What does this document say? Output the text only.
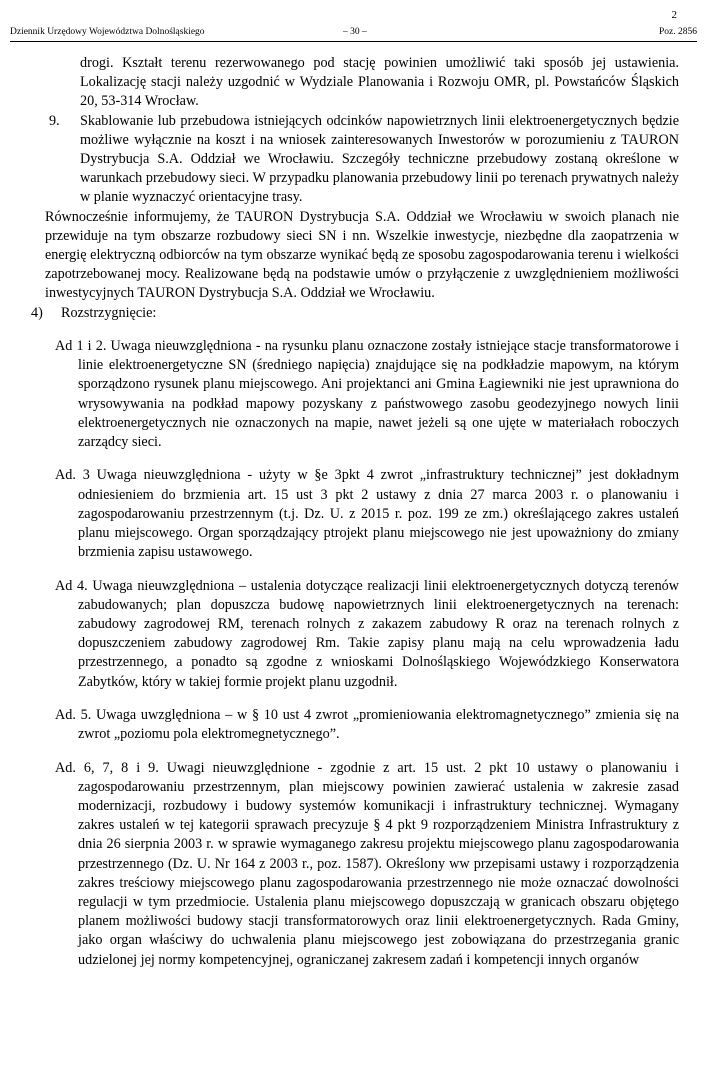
2
Dziennik Urzędowy Województwa Dolnośląskiego	– 30 –	Poz. 2856

drogi. Kształt terenu rezerwowanego pod stację powinien umożliwić taki sposób jej ustawienia. Lokalizację stacji należy uzgodnić w Wydziale Planowania i Rozwoju OMR, pl. Powstańców Śląskich 20, 53-314 Wrocław.

9. Skablowanie lub przebudowa istniejących odcinków napowietrznych linii elektroenergetycznych będzie możliwe wyłącznie na koszt i na wniosek zainteresowanych Inwestorów w porozumieniu z TAURON Dystrybucja S.A. Oddział we Wrocławiu. Szczegóły techniczne przebudowy zostaną określone w warunkach przebudowy sieci. W przypadku planowania przebudowy linii po terenach prywatnych należy w planie wyznaczyć orientacyjne trasy.

Równocześnie informujemy, że TAURON Dystrybucja S.A. Oddział we Wrocławiu w swoich planach nie przewiduje na tym obszarze rozbudowy sieci SN i nn. Wszelkie inwestycje, niezbędne dla zaopatrzenia w energię elektryczną odbiorców na tym obszarze wynikać będą ze sposobu zagospodarowania terenu i wielkości zapotrzebowanej mocy. Realizowane będą na podstawie umów o przyłączenie z uwzględnieniem możliwości inwestycyjnych TAURON Dystrybucja S.A. Oddział we Wrocławiu.

4) Rozstrzygnięcie:

Ad 1 i 2. Uwaga nieuwzględniona - na rysunku planu oznaczone zostały istniejące stacje transformatorowe i linie elektroenergetyczne SN (średniego napięcia) znajdujące się na podkładzie mapowym, na którym sporządzono rysunek planu miejscowego. Ani projektanci ani Gmina Łagiewniki nie jest uprawniona do wrysowywania na podkład mapowy pozyskany z państwowego zasobu geodezyjnego nowych linii elektroenergetycznych nie oznaczonych na mapie, nawet jeżeli są one ujęte w materiałach roboczych zarządcy sieci.

Ad. 3 Uwaga nieuwzględniona - użyty w §e 3pkt 4 zwrot „infrastruktury technicznej” jest dokładnym odniesieniem do brzmienia art. 15 ust 3 pkt 2 ustawy z dnia 27 marca 2003 r. o planowaniu i zagospodarowaniu przestrzennym (t.j. Dz. U. z 2015 r. poz. 199 ze zm.) określającego zakres ustaleń planu miejscowego. Organ sporządzający ptrojekt planu miejscowego nie jest upoważniony do zmiany brzmienia zapisu ustawowego.

Ad 4. Uwaga nieuwzględniona – ustalenia dotyczące realizacji linii elektroenergetycznych dotyczą terenów zabudowanych; plan dopuszcza budowę napowietrznych linii elektroenergetycznych na terenach: zabudowy zagrodowej RM, terenach rolnych z zakazem zabudowy R oraz na terenach rolnych z dopuszczeniem zabudowy zagrodowej Rm. Takie zapisy planu mają na celu wprowadzenia ładu przestrzennego, a ponadto są zgodne z wnioskami Dolnośląskiego Wojewódzkiego Konserwatora Zabytków, który w takiej formie projekt planu uzgodnił.

Ad. 5. Uwaga uwzględniona – w § 10 ust 4 zwrot „promieniowania elektromagnetycznego” zmienia się na zwrot „poziomu pola elektromegnetycznego”.

Ad. 6, 7, 8 i 9. Uwagi nieuwzględnione - zgodnie z art. 15 ust. 2 pkt 10 ustawy o planowaniu i zagospodarowaniu przestrzennym, plan miejscowy powinien zawierać ustalenia w zakresie zasad modernizacji, rozbudowy i budowy systemów komunikacji i infrastruktury technicznej. Wymagany zakres ustaleń w tej kategorii sprawach precyzuje § 4 pkt 9 rozporządzeniem Ministra Infrastruktury z dnia 26 sierpnia 2003 r. w sprawie wymaganego zakresu projektu miejscowego planu zagospodarowania przestrzennego (Dz. U. Nr 164 z 2003 r., poz. 1587). Określony ww przepisami ustawy i rozporządzenia zakres treściowy miejscowego planu zagospodarowania przestrzennego nie może oznaczać dowolności regulacji w tym przedmiocie. Ustalenia planu miejscowego dopuszczają w granicach obszaru objętego planem możliwości budowy stacji transformatorowych oraz linii elektroenergetycznych. Rada Gminy, jako organ właściwy do uchwalenia planu miejscowego jest zobowiązana do przestrzegania granic udzielonej jej normy kompetencyjnej, ograniczanej zakresem zadań i kompetencji innych organów
